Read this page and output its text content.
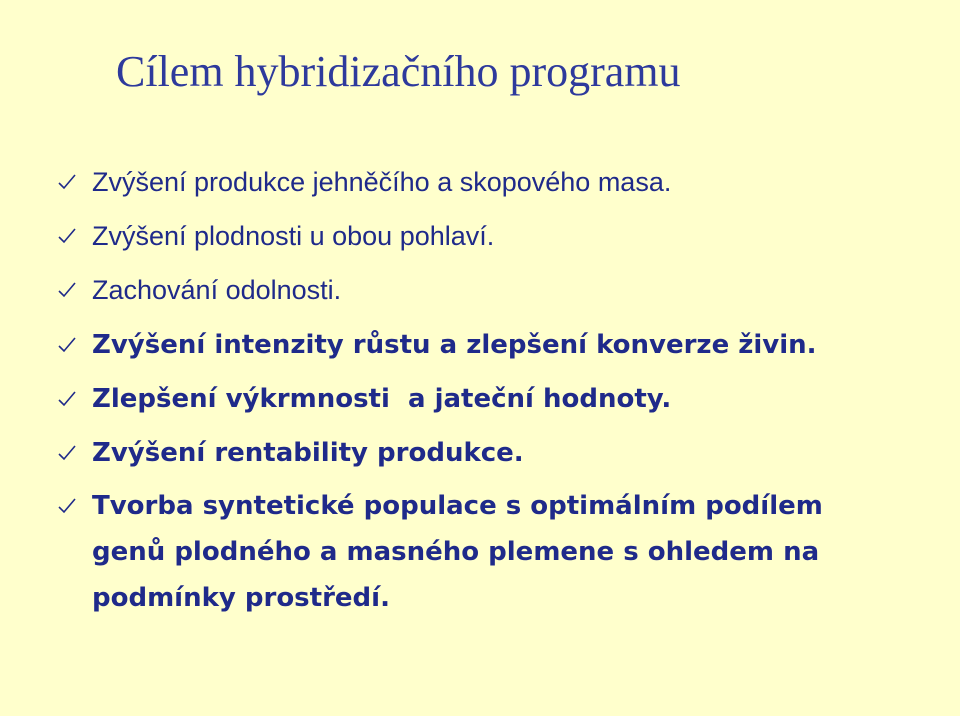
Cílem hybridizačního programu
Zvýšení produkce jehněčího a skopového masa.
Zvýšení plodnosti u obou pohlaví.
Zachování odolnosti.
Zvýšení intenzity růstu a zlepšení konverze živin.
Zlepšení výkrmnosti  a jateční hodnoty.
Zvýšení rentability produkce.
Tvorba syntetické populace s optimálním podílem genů plodného a masného plemene s ohledem na podmínky prostředí.
